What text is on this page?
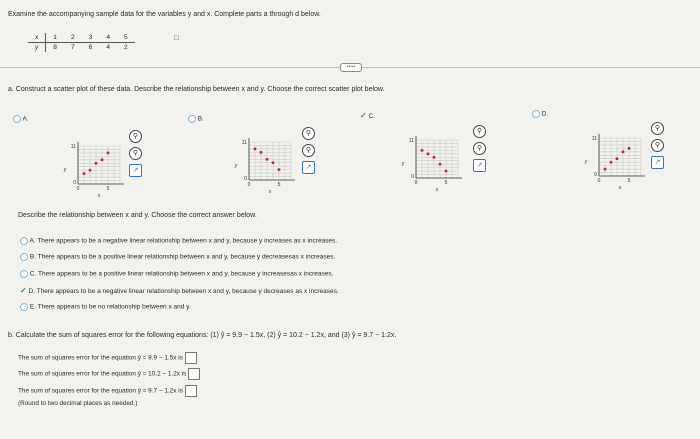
Examine the accompanying sample data for the variables y and x. Complete parts a through d below.
x	1	2	3	4	5
y	8	7	6	4	2
□
•••••
a. Construct a scatter plot of these data. Describe the relationship between x and y. Choose the correct scatter plot below.
A.	B.	✓ C.	D.
11
0
0	5
x
y
11
0
0	5
x
y
11
0
0	5
x
y
11
0
0	5
x
y
⚲
⚲
↗
⚲
⚲
↗
⚲
⚲
↗
⚲
⚲
↗
Describe the relationship between x and y. Choose the correct answer below.
A. There appears to be a negative linear relationship between x and y, because y increases as x increases.
B. There appears to be a positive linear relationship between x and y, because y decreasesas x increases.
C. There appears to be a positive linear relationship between x and y, because y increasesas x increases.
✓ D. There appears to be a negative linear relationship between x and y, because y decreases as x increases.
E. There appears to be no relationship between x and y.
b. Calculate the sum of squares error for the following equations: (1) ŷ = 9.9 − 1.5x, (2) ŷ = 10.2 − 1.2x, and (3) ŷ = 9.7 − 1.2x.
The sum of squares error for the equation ŷ = 9.9 − 1.5x is
The sum of squares error for the equation ŷ = 10.2 − 1.2x is
The sum of squares error for the equation ŷ = 9.7 − 1.2x is
(Round to two decimal places as needed.)
